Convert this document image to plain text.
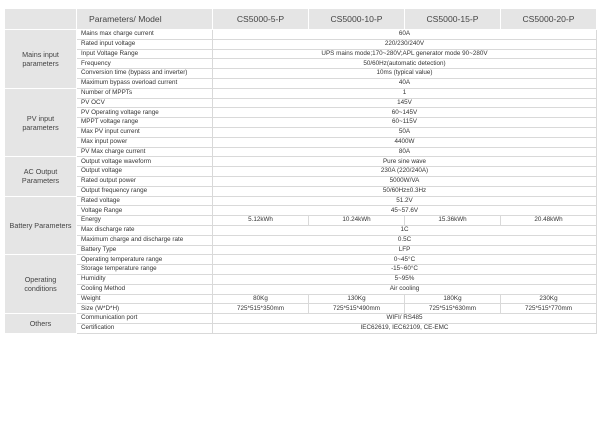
	Parameters/ Model	CS5000-5-P	CS5000-10-P	CS5000-15-P	CS5000-20-P
Mains input parameters	Mains max charge current	60A			
	Rated input voltage	220/230/240V			
	Input Voltage Range	UPS mains mode;170~280V;APL generator mode 90~280V			
	Frequency	50/60Hz(automatic detection)			
	Conversion time (bypass and inverter)	10ms (typical value)			
	Maximum bypass overload current	40A			
PV input parameters	Number of MPPTs	1			
	PV OCV	145V			
	PV Operating voltage range	60~145V			
	MPPT voltage range	60~115V			
	Max PV input current	50A			
	Max input power	4400W			
	PV Max charge current	80A			
AC Output Parameters	Output voltage waveform	Pure sine wave			
	Output voltage	230A (220/240A)			
	Rated output power	5000W/VA			
	Output frequency range	50/60Hz±0.3Hz			
Battery Parameters	Rated voltage	51.2V			
	Voltage Range	45~57.6V			
	Energy	5.12kWh	10.24kWh	15.36kWh	20.48kWh
	Max discharge rate	1C			
	Maximum charge and discharge rate	0.5C			
	Battery Type	LFP			
Operating conditions	Operating temperature range	0~45°C			
	Storage temperature range	-15~60°C			
	Humidity	5~95%			
	Cooling Method	Air cooling			
	Weight	80Kg	130Kg	180Kg	230Kg
	Size (W*D*H)	725*515*350mm	725*515*490mm	725*515*630mm	725*515*770mm
Others	Communication port	WIFI/ RS485			
	Certification	IEC62619, IEC62109, CE-EMC			
